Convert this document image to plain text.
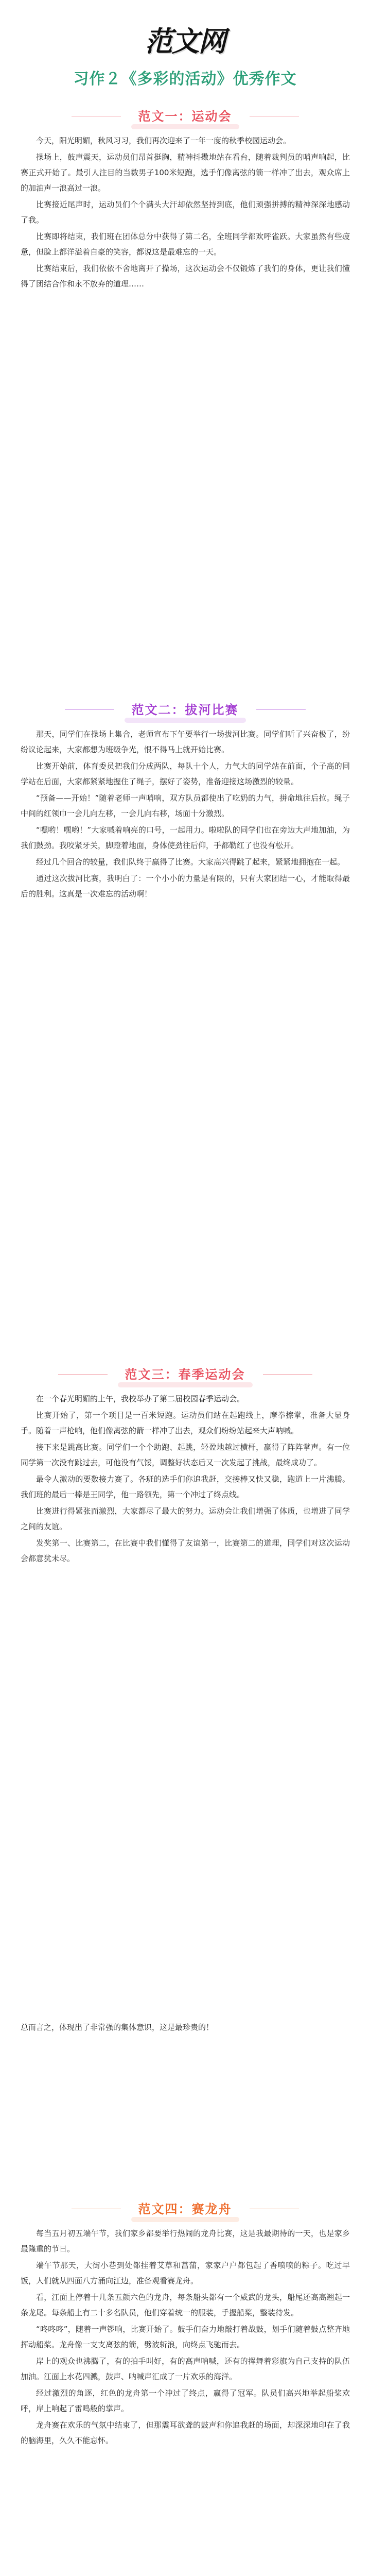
范文网
习作２《多彩的活动》优秀作文
范文一：运动会

今天，阳光明媚，秋风习习，我们再次迎来了一年一度的秋季校园运动会。

操场上，鼓声震天，运动员们昂首挺胸，精神抖擞地站在看台，随着裁判员的哨声响起，比赛正式开始了。最引人注目的当数男子100米短跑，选手们像离弦的箭一样冲了出去，观众席上的加油声一浪高过一浪。

比赛接近尾声时，运动员们个个满头大汗却依然坚持到底，他们顽强拼搏的精神深深地感动了我。

比赛即将结束，我们班在团体总分中获得了第二名，全班同学都欢呼雀跃。大家虽然有些疲惫，但脸上都洋溢着自豪的笑容，都说这是最难忘的一天。

比赛结束后，我们依依不舍地离开了操场，这次运动会不仅锻炼了我们的身体，更让我们懂得了团结合作和永不放弃的道理……

范文二：拔河比赛

那天，同学们在操场上集合，老师宣布下午要举行一场拔河比赛。同学们听了兴奋极了，纷纷议论起来，大家都想为班级争光，恨不得马上就开始比赛。

比赛开始前，体育委员把我们分成两队，每队十个人，力气大的同学站在前面，个子高的同学站在后面，大家都紧紧地握住了绳子，摆好了姿势，准备迎接这场激烈的较量。

“预备——开始！”随着老师一声哨响，双方队员都使出了吃奶的力气，拼命地往后拉。绳子中间的红领巾一会儿向左移，一会儿向右移，场面十分激烈。

“嘿哟！嘿哟！”大家喊着响亮的口号，一起用力。啦啦队的同学们也在旁边大声地加油，为我们鼓劲。我咬紧牙关，脚蹬着地面，身体使劲往后仰，手都勒红了也没有松开。

经过几个回合的较量，我们队终于赢得了比赛。大家高兴得跳了起来，紧紧地拥抱在一起。

通过这次拔河比赛，我明白了：一个小小的力量是有限的，只有大家团结一心，才能取得最后的胜利。这真是一次难忘的活动啊！

范文三：春季运动会

在一个春光明媚的上午，我校举办了第二届校园春季运动会。

比赛开始了，第一个项目是一百米短跑。运动员们站在起跑线上，摩拳擦掌，准备大显身手。随着一声枪响，他们像离弦的箭一样冲了出去，观众们纷纷站起来大声呐喊。

接下来是跳高比赛。同学们一个个助跑、起跳，轻盈地越过横杆，赢得了阵阵掌声。有一位同学第一次没有跳过去，可他没有气馁，调整好状态后又一次发起了挑战，最终成功了。

最令人激动的要数接力赛了。各班的选手们你追我赶，交接棒又快又稳，跑道上一片沸腾。我们班的最后一棒是王同学，他一路领先，第一个冲过了终点线。

比赛进行得紧张而激烈，大家都尽了最大的努力。运动会让我们增强了体质，也增进了同学之间的友谊。

发奖第一、比赛第二，在比赛中我们懂得了友谊第一，比赛第二的道理，同学们对这次运动会都意犹未尽。

总而言之，体现出了非常强的集体意识，这是最珍贵的！
范文四：赛龙舟

每当五月初五端午节，我们家乡都要举行热闹的龙舟比赛，这是我最期待的一天，也是家乡最隆重的节日。

端午节那天，大街小巷到处都挂着艾草和菖蒲，家家户户都包起了香喷喷的粽子。吃过早饭，人们就从四面八方涌向江边，准备观看赛龙舟。

看，江面上停着十几条五颜六色的龙舟，每条船头都有一个威武的龙头，船尾还高高翘起一条龙尾。每条船上有二十多名队员，他们穿着统一的服装，手握船桨，整装待发。

“咚咚咚”，随着一声锣响，比赛开始了。鼓手们奋力地敲打着战鼓，划手们随着鼓点整齐地挥动船桨。龙舟像一支支离弦的箭，劈波斩浪，向终点飞驰而去。

岸上的观众也沸腾了，有的拍手叫好，有的高声呐喊，还有的挥舞着彩旗为自己支持的队伍加油。江面上水花四溅，鼓声、呐喊声汇成了一片欢乐的海洋。

经过激烈的角逐，红色的龙舟第一个冲过了终点，赢得了冠军。队员们高兴地举起船桨欢呼，岸上响起了雷鸣般的掌声。

龙舟赛在欢乐的气氛中结束了，但那震耳欲聋的鼓声和你追我赶的场面，却深深地印在了我的脑海里，久久不能忘怀。
